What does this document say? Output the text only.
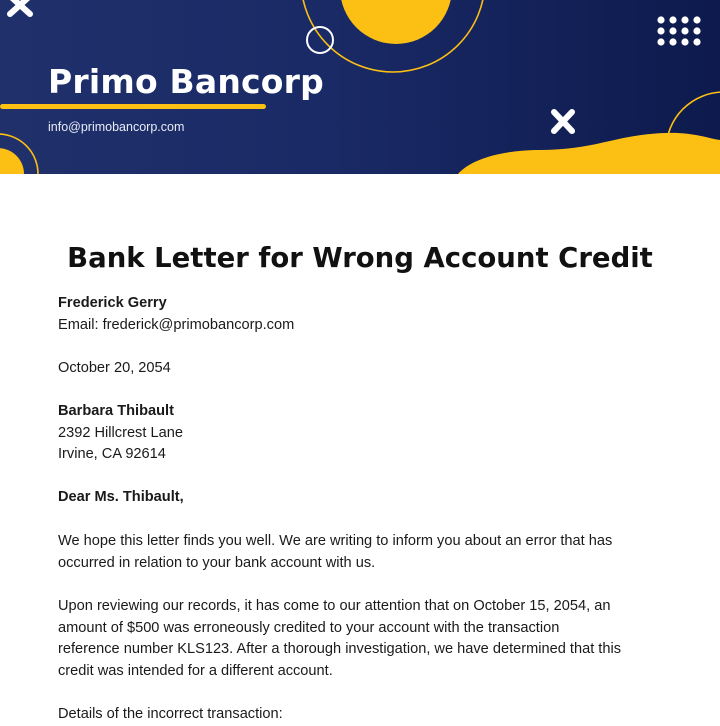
Primo Bancorp
info@primobancorp.com
Bank Letter for Wrong Account Credit
Frederick Gerry
Email: frederick@primobancorp.com
October 20, 2054
Barbara Thibault
2392 Hillcrest Lane
Irvine, CA 92614
Dear Ms. Thibault,
We hope this letter finds you well. We are writing to inform you about an error that has
occurred in relation to your bank account with us.
Upon reviewing our records, it has come to our attention that on October 15, 2054, an
amount of $500 was erroneously credited to your account with the transaction
reference number KLS123. After a thorough investigation, we have determined that this
credit was intended for a different account.
Details of the incorrect transaction:
